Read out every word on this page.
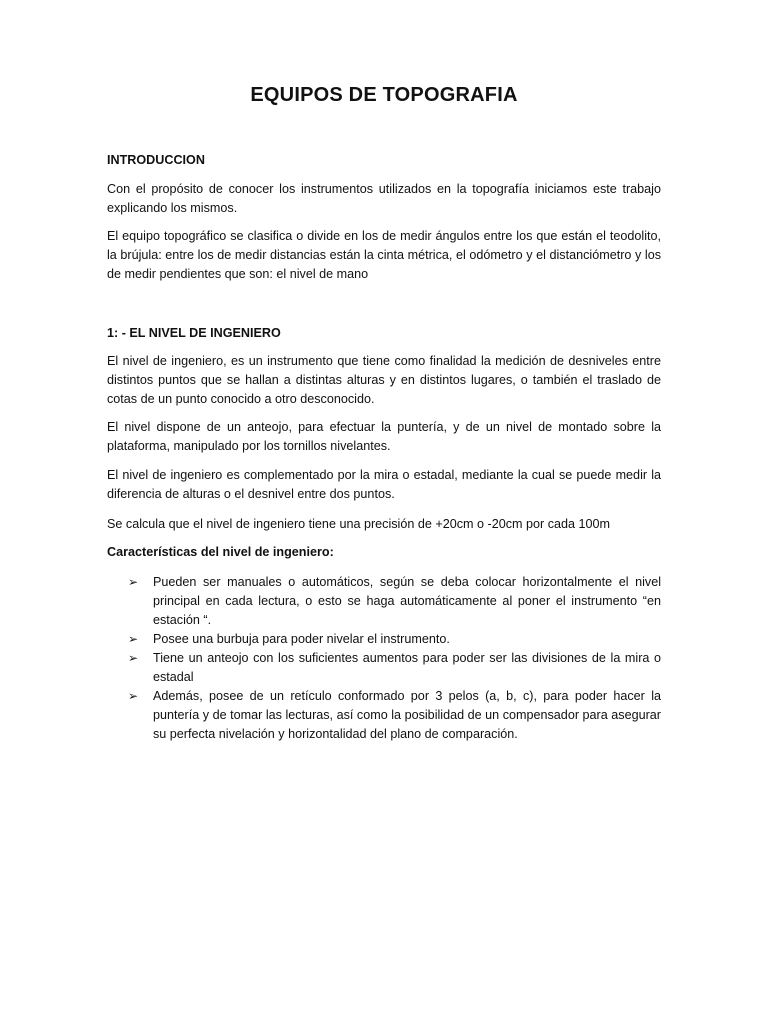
EQUIPOS DE TOPOGRAFIA

INTRODUCCION

Con el propósito de conocer los instrumentos utilizados en la topografía iniciamos este trabajo explicando los mismos.

El equipo topográfico se clasifica o divide en los de medir ángulos entre los que están el teodolito, la brújula: entre los de medir distancias están la cinta métrica, el odómetro y el distanciómetro y los de medir pendientes que son: el nivel de mano

1: - EL NIVEL DE INGENIERO

El nivel de ingeniero, es un instrumento que tiene como finalidad la medición de desniveles entre distintos puntos que se hallan a distintas alturas y en distintos lugares, o también el traslado de cotas de un punto conocido a otro desconocido.

El nivel dispone de un anteojo, para efectuar la puntería, y de un nivel de montado sobre la plataforma, manipulado por los tornillos nivelantes.

El nivel de ingeniero es complementado por la mira o estadal, mediante la cual se puede medir la diferencia de alturas o el desnivel entre dos puntos.

Se calcula que el nivel de ingeniero tiene una precisión de +20cm o -20cm por cada 100m

Características del nivel de ingeniero:

➢ Pueden ser manuales o automáticos, según se deba colocar horizontalmente el nivel principal en cada lectura, o esto se haga automáticamente al poner el instrumento “en estación “.
➢ Posee una burbuja para poder nivelar el instrumento.
➢ Tiene un anteojo con los suficientes aumentos para poder ser las divisiones de la mira o estadal
➢ Además, posee de un retículo conformado por 3 pelos (a, b, c), para poder hacer la puntería y de tomar las lecturas, así como la posibilidad de un compensador para asegurar su perfecta nivelación y horizontalidad del plano de comparación.
